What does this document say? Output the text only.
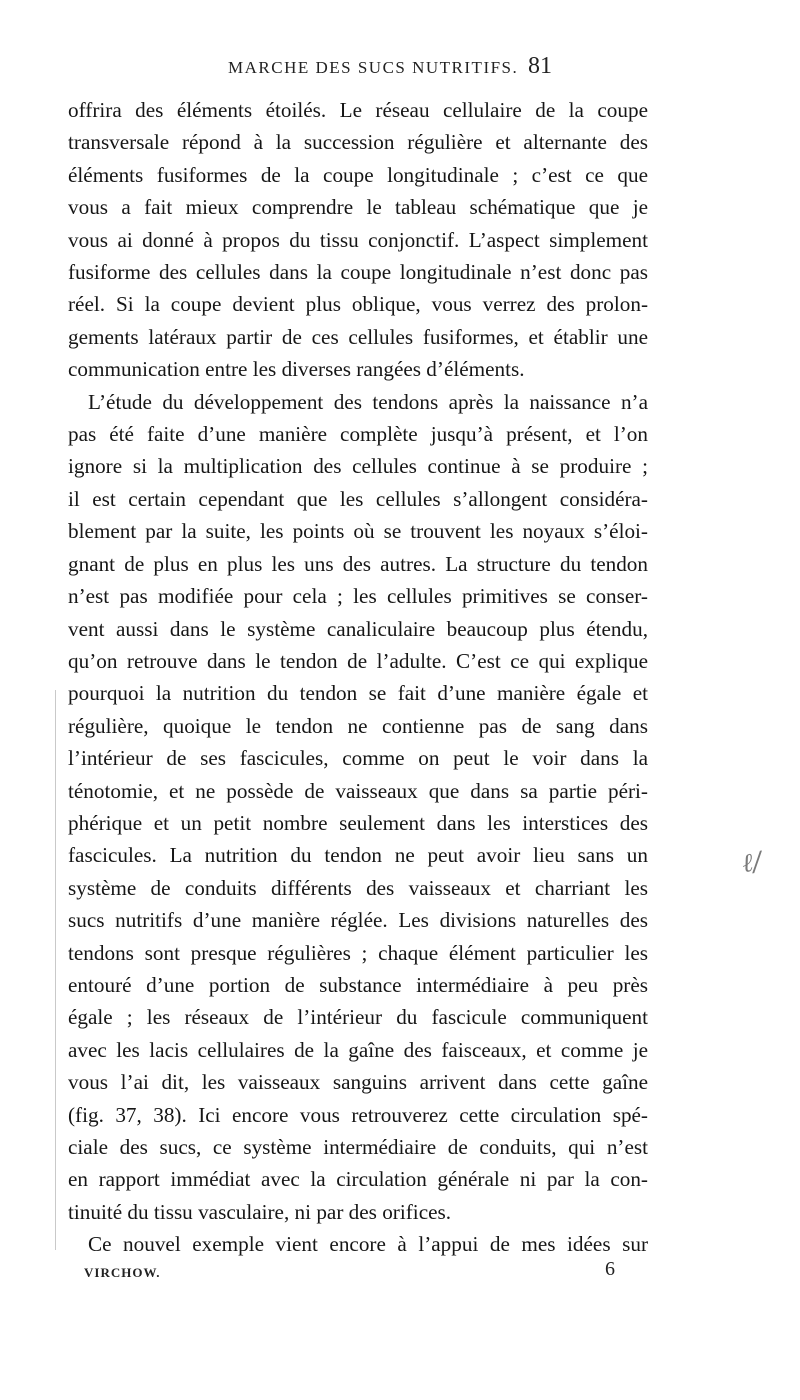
MARCHE DES SUCS NUTRITIFS. 81
ℓ/
offrira des éléments étoilés. Le réseau cellulaire de la coupe
transversale répond à la succession régulière et alternante des
éléments fusiformes de la coupe longitudinale ; c’est ce que
vous a fait mieux comprendre le tableau schématique que je
vous ai donné à propos du tissu conjonctif. L’aspect simplement
fusiforme des cellules dans la coupe longitudinale n’est donc pas
réel. Si la coupe devient plus oblique, vous verrez des prolon-
gements latéraux partir de ces cellules fusiformes, et établir une
communication entre les diverses rangées d’éléments.
L’étude du développement des tendons après la naissance n’a
pas été faite d’une manière complète jusqu’à présent, et l’on
ignore si la multiplication des cellules continue à se produire ;
il est certain cependant que les cellules s’allongent considéra-
blement par la suite, les points où se trouvent les noyaux s’éloi-
gnant de plus en plus les uns des autres. La structure du tendon
n’est pas modifiée pour cela ; les cellules primitives se conser-
vent aussi dans le système canaliculaire beaucoup plus étendu,
qu’on retrouve dans le tendon de l’adulte. C’est ce qui explique
pourquoi la nutrition du tendon se fait d’une manière égale et
régulière, quoique le tendon ne contienne pas de sang dans
l’intérieur de ses fascicules, comme on peut le voir dans la
ténotomie, et ne possède de vaisseaux que dans sa partie péri-
phérique et un petit nombre seulement dans les interstices des
fascicules. La nutrition du tendon ne peut avoir lieu sans un
système de conduits différents des vaisseaux et charriant les
sucs nutritifs d’une manière réglée. Les divisions naturelles des
tendons sont presque régulières ; chaque élément particulier les
entouré d’une portion de substance intermédiaire à peu près
égale ; les réseaux de l’intérieur du fascicule communiquent
avec les lacis cellulaires de la gaîne des faisceaux, et comme je
vous l’ai dit, les vaisseaux sanguins arrivent dans cette gaîne
(fig. 37, 38). Ici encore vous retrouverez cette circulation spé-
ciale des sucs, ce système intermédiaire de conduits, qui n’est
en rapport immédiat avec la circulation générale ni par la con-
tinuité du tissu vasculaire, ni par des orifices.
Ce nouvel exemple vient encore à l’appui de mes idées sur
VIRCHOW.	6
